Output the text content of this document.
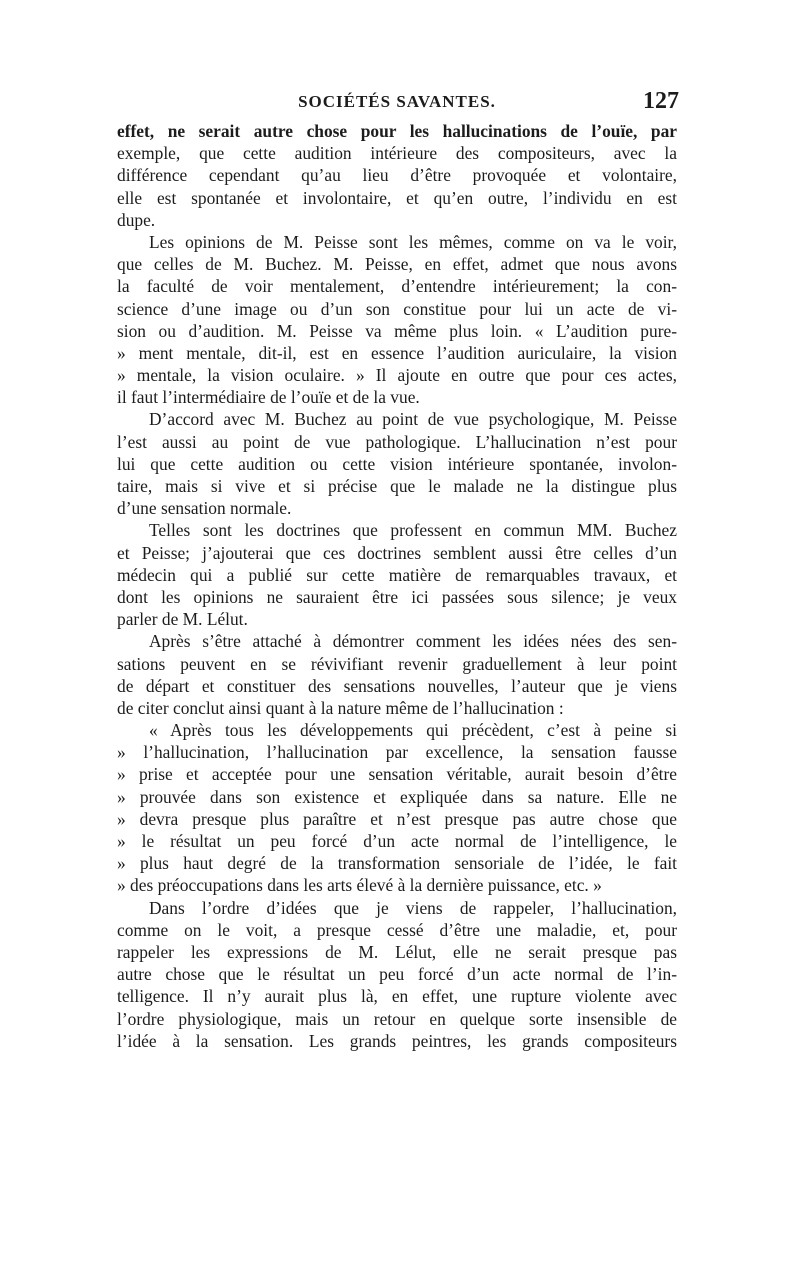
SOCIÉTÉS SAVANTES.	127
effet, ne serait autre chose pour les hallucinations de l’ouïe, par
exemple, que cette audition intérieure des compositeurs, avec la
différence cependant qu’au lieu d’être provoquée et volontaire,
elle est spontanée et involontaire, et qu’en outre, l’individu en est
dupe.
Les opinions de M. Peisse sont les mêmes, comme on va le voir,
que celles de M. Buchez. M. Peisse, en effet, admet que nous avons
la faculté de voir mentalement, d’entendre intérieurement; la con-
science d’une image ou d’un son constitue pour lui un acte de vi-
sion ou d’audition. M. Peisse va même plus loin. « L’audition pure-
» ment mentale, dit-il, est en essence l’audition auriculaire, la vision
» mentale, la vision oculaire. » Il ajoute en outre que pour ces actes,
il faut l’intermédiaire de l’ouïe et de la vue.
D’accord avec M. Buchez au point de vue psychologique, M. Peisse
l’est aussi au point de vue pathologique. L’hallucination n’est pour
lui que cette audition ou cette vision intérieure spontanée, involon-
taire, mais si vive et si précise que le malade ne la distingue plus
d’une sensation normale.
Telles sont les doctrines que professent en commun MM. Buchez
et Peisse; j’ajouterai que ces doctrines semblent aussi être celles d’un
médecin qui a publié sur cette matière de remarquables travaux, et
dont les opinions ne sauraient être ici passées sous silence; je veux
parler de M. Lélut.
Après s’être attaché à démontrer comment les idées nées des sen-
sations peuvent en se révivifiant revenir graduellement à leur point
de départ et constituer des sensations nouvelles, l’auteur que je viens
de citer conclut ainsi quant à la nature même de l’hallucination :
« Après tous les développements qui précèdent, c’est à peine si
» l’hallucination, l’hallucination par excellence, la sensation fausse
» prise et acceptée pour une sensation véritable, aurait besoin d’être
» prouvée dans son existence et expliquée dans sa nature. Elle ne
» devra presque plus paraître et n’est presque pas autre chose que
» le résultat un peu forcé d’un acte normal de l’intelligence, le
» plus haut degré de la transformation sensoriale de l’idée, le fait
» des préoccupations dans les arts élevé à la dernière puissance, etc. »
Dans l’ordre d’idées que je viens de rappeler, l’hallucination,
comme on le voit, a presque cessé d’être une maladie, et, pour
rappeler les expressions de M. Lélut, elle ne serait presque pas
autre chose que le résultat un peu forcé d’un acte normal de l’in-
telligence. Il n’y aurait plus là, en effet, une rupture violente avec
l’ordre physiologique, mais un retour en quelque sorte insensible de
l’idée à la sensation. Les grands peintres, les grands compositeurs
